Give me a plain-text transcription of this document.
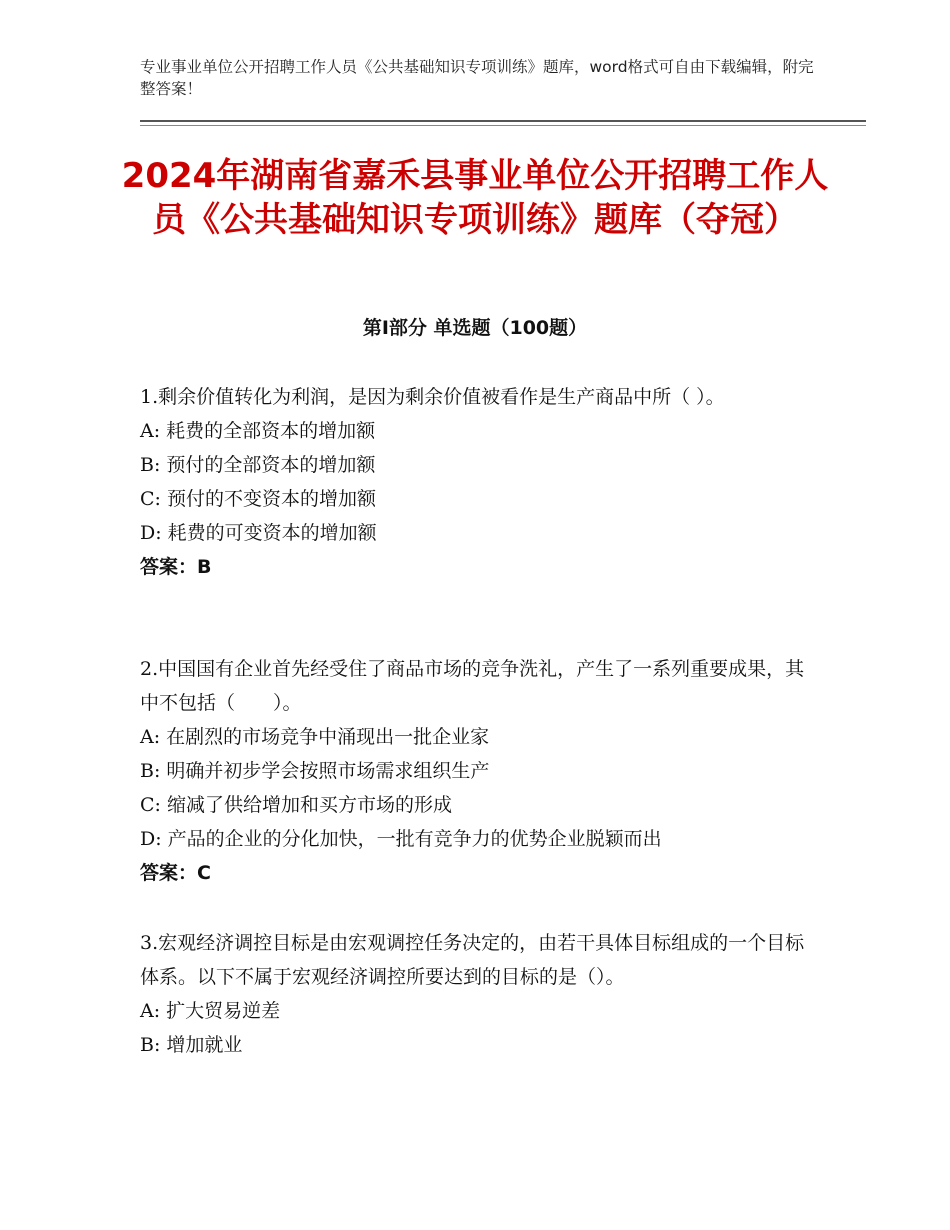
专业事业单位公开招聘工作人员《公共基础知识专项训练》题库，word格式可自由下载编辑，附完整答案！
2024年湖南省嘉禾县事业单位公开招聘工作人员《公共基础知识专项训练》题库（夺冠）
第Ⅰ部分 单选题（100题）

1.剩余价值转化为利润，是因为剩余价值被看作是生产商品中所（ ）。

A: 耗费的全部资本的增加额

B: 预付的全部资本的增加额

C: 预付的不变资本的增加额

D: 耗费的可变资本的增加额

答案：B

2.中国国有企业首先经受住了商品市场的竞争洗礼，产生了一系列重要成果，其中不包括（　　）。

A: 在剧烈的市场竞争中涌现出一批企业家

B: 明确并初步学会按照市场需求组织生产

C: 缩减了供给增加和买方市场的形成

D: 产品的企业的分化加快，一批有竞争力的优势企业脱颖而出

答案：C

3.宏观经济调控目标是由宏观调控任务决定的，由若干具体目标组成的一个目标体系。以下不属于宏观经济调控所要达到的目标的是（）。

A: 扩大贸易逆差

B: 增加就业
